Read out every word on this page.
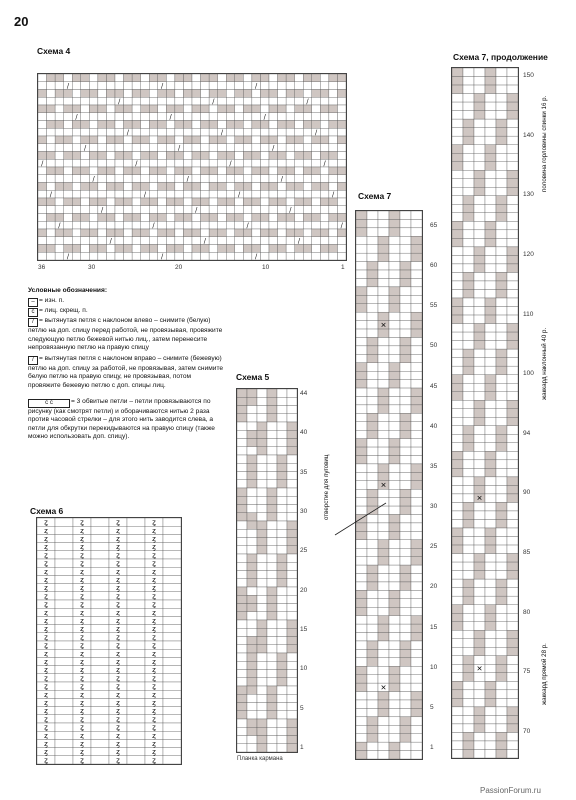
20
Схема 4
/	/	/
/	/	/
/	/	/
/	/	/
/	/	/
/	/	/	/
/	/	/
/	/	/	/
/	/	/
/	/	/	/
/	/	/
/	/	/
36	30	20	10	1
Условные обозначения:
– = изн. п.
ċ = лиц. скрещ. п.
/ = вытянутая петля с наклоном влево – снимите (белую) петлю на доп. спицу перед работой, не провязывая, провяжите следующую петлю бежевой нитью лиц., затем перенесите непровязанную петлю на правую спицу
/ = вытянутая петля с наклоном вправо – снимите (бежевую) петлю на доп. спицу за работой, не провязывая, затем снимите белую петлю на правую спицу, не провязывая, потом провяжите бежевую петлю с доп. спицы лиц.
ċ ċ	= 3 обвитые петли – петли провязываются по рисунку (как смотрят петли) и оборачиваются нитью 2 раза против часовой стрелки – для этого нить заводится слева, а петли для обкрутки перекидываются на правую спицу (также можно использовать доп. спицу).
Схема 6
ȥ	ȥ	ȥ	ȥ
ȥ	ȥ	ȥ	ȥ
ȥ	ȥ	ȥ	ȥ
ȥ	ȥ	ȥ	ȥ
ȥ	ȥ	ȥ	ȥ
ȥ	ȥ	ȥ	ȥ
ȥ	ȥ	ȥ	ȥ
ȥ	ȥ	ȥ	ȥ
ȥ	ȥ	ȥ	ȥ
ȥ	ȥ	ȥ	ȥ
ȥ	ȥ	ȥ	ȥ
ȥ	ȥ	ȥ	ȥ
ȥ	ȥ	ȥ	ȥ
ȥ	ȥ	ȥ	ȥ
ȥ	ȥ	ȥ	ȥ
ȥ	ȥ	ȥ	ȥ
ȥ	ȥ	ȥ	ȥ
ȥ	ȥ	ȥ	ȥ
ȥ	ȥ	ȥ	ȥ
ȥ	ȥ	ȥ	ȥ
ȥ	ȥ	ȥ	ȥ
ȥ	ȥ	ȥ	ȥ
ȥ	ȥ	ȥ	ȥ
ȥ	ȥ	ȥ	ȥ
ȥ	ȥ	ȥ	ȥ
ȥ	ȥ	ȥ	ȥ
ȥ	ȥ	ȥ	ȥ
ȥ	ȥ	ȥ	ȥ
ȥ	ȥ	ȥ	ȥ
ȥ	ȥ	ȥ	ȥ
Схема 5
Планка кармана
44
40
35
30
25
20
15
10
5
1
Схема 7
✕
✕
✕
65
60
55
50
45
40
35
30
25
20
15
10
5
1
отверстие для пуговиц
Схема 7, продолжение
✕
✕
150
140
130
120
110
100
94
90
85
80
75
70
половина горловины спинки 16 р.
жаккард наклонный 40 р.
жаккард прямой 28 р.
PassionForum.ru
